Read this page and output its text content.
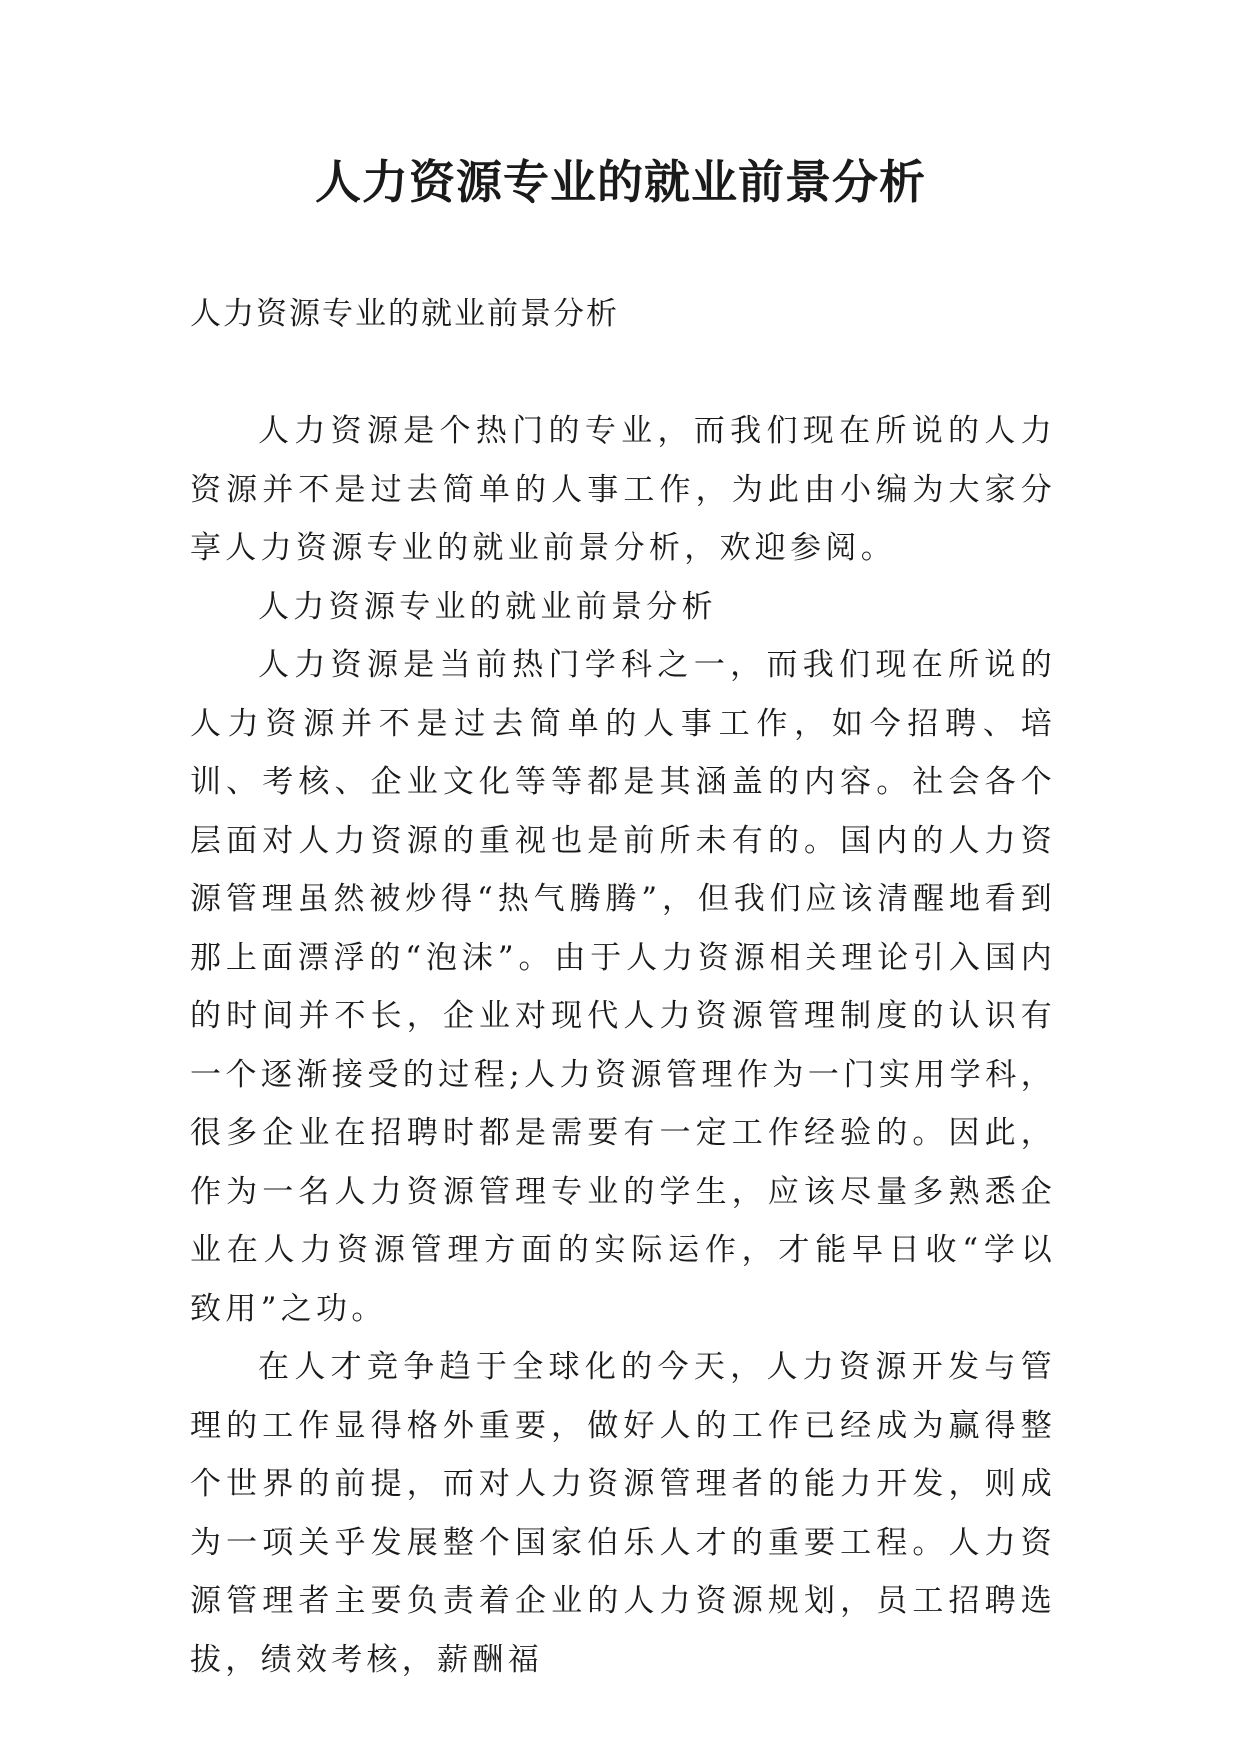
人力资源专业的就业前景分析

人力资源专业的就业前景分析

人力资源是个热门的专业，而我们现在所说的人力资源并不是过去简单的人事工作，为此由小编为大家分享人力资源专业的就业前景分析，欢迎参阅。

人力资源专业的就业前景分析

人力资源是当前热门学科之一，而我们现在所说的人力资源并不是过去简单的人事工作，如今招聘、培训、考核、企业文化等等都是其涵盖的内容。社会各个层面对人力资源的重视也是前所未有的。国内的人力资源管理虽然被炒得“热气腾腾”，但我们应该清醒地看到那上面漂浮的“泡沫”。由于人力资源相关理论引入国内的时间并不长，企业对现代人力资源管理制度的认识有一个逐渐接受的过程;人力资源管理作为一门实用学科，很多企业在招聘时都是需要有一定工作经验的。因此，作为一名人力资源管理专业的学生，应该尽量多熟悉企业在人力资源管理方面的实际运作，才能早日收“学以致用”之功。

在人才竞争趋于全球化的今天，人力资源开发与管理的工作显得格外重要，做好人的工作已经成为赢得整个世界的前提，而对人力资源管理者的能力开发，则成为一项关乎发展整个国家伯乐人才的重要工程。人力资源管理者主要负责着企业的人力资源规划，员工招聘选拔，绩效考核，薪酬福
